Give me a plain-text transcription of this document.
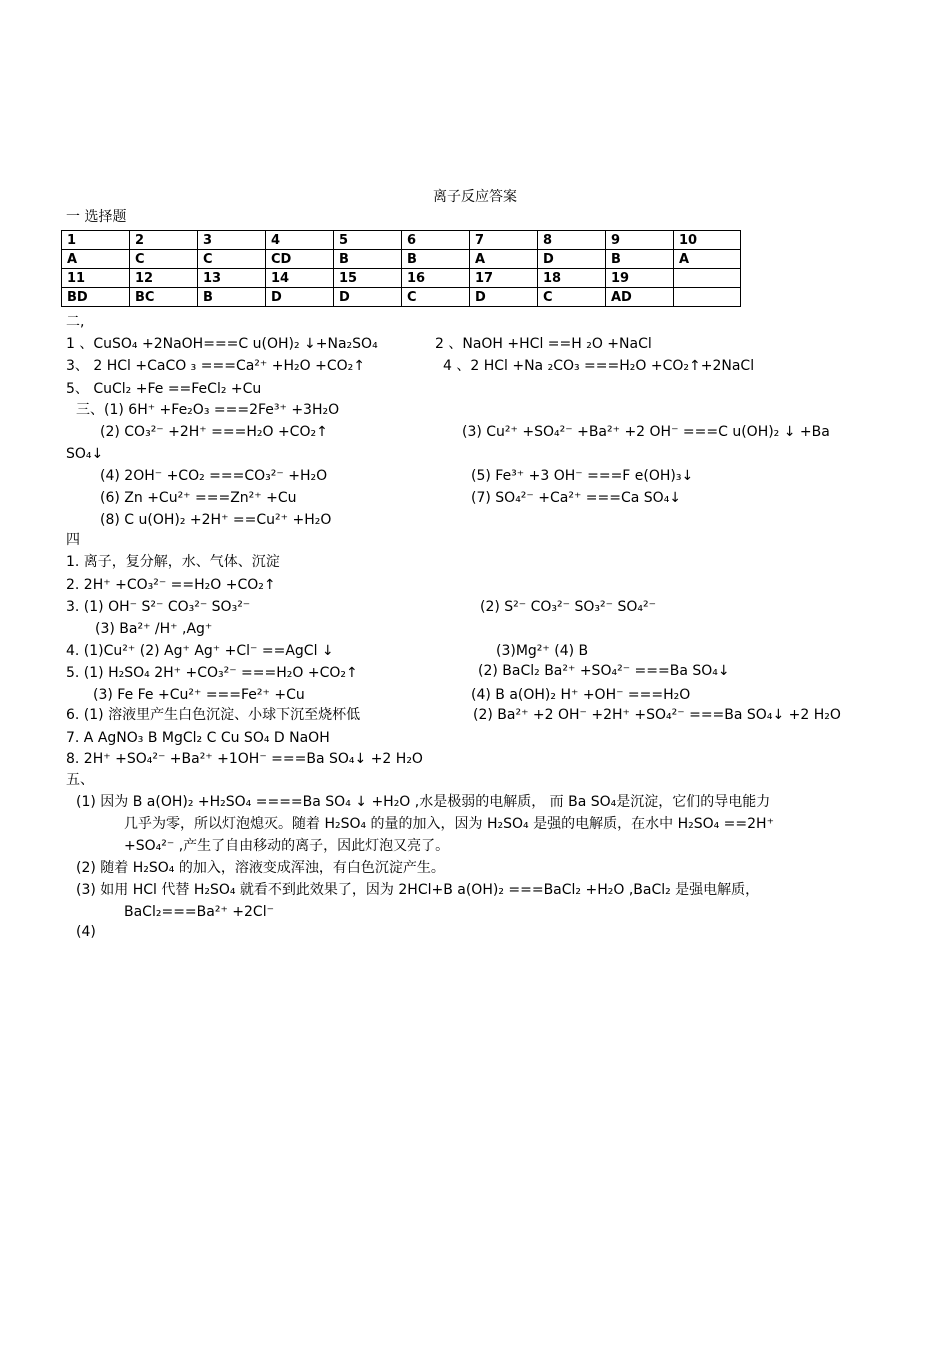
离子反应答案
一 选择题
1	2	3	4	5	6	7	8	9	10
A	C	C	CD	B	B	A	D	B	A
11	12	13	14	15	16	17	18	19	
BD	BC	B	D	D	C	D	C	AD	
二,
1 、CuSO₄ +2NaOH===C u(OH)₂ ↓+Na₂SO₄	2 、NaOH +HCl ==H ₂O +NaCl
3、 2 HCl +CaCO ₃ ===Ca²⁺ +H₂O +CO₂↑	4 、2 HCl +Na ₂CO₃ ===H₂O +CO₂↑+2NaCl
5、 CuCl₂ +Fe ==FeCl₂ +Cu
三、(1) 6H⁺ +Fe₂O₃ ===2Fe³⁺ +3H₂O
(2) CO₃²⁻ +2H⁺ ===H₂O +CO₂↑	(3) Cu²⁺ +SO₄²⁻ +Ba²⁺ +2 OH⁻ ===C u(OH)₂ ↓ +Ba
SO₄↓
(4) 2OH⁻ +CO₂ ===CO₃²⁻ +H₂O	(5) Fe³⁺ +3 OH⁻ ===F e(OH)₃↓
(6) Zn +Cu²⁺ ===Zn²⁺ +Cu	(7) SO₄²⁻ +Ca²⁺ ===Ca SO₄↓
(8) C u(OH)₂ +2H⁺ ==Cu²⁺ +H₂O
四
1. 离子，复分解，水、气体、沉淀
2. 2H⁺ +CO₃²⁻ ==H₂O +CO₂↑
3. (1) OH⁻ S²⁻ CO₃²⁻ SO₃²⁻	(2) S²⁻ CO₃²⁻ SO₃²⁻ SO₄²⁻
(3) Ba²⁺ /H⁺ ,Ag⁺
4. (1)Cu²⁺ (2) Ag⁺ Ag⁺ +Cl⁻ ==AgCl ↓	(3)Mg²⁺ (4) B
5. (1) H₂SO₄ 2H⁺ +CO₃²⁻ ===H₂O +CO₂↑	(2) BaCl₂ Ba²⁺ +SO₄²⁻ ===Ba SO₄↓
(3) Fe Fe +Cu²⁺ ===Fe²⁺ +Cu	(4) B a(OH)₂ H⁺ +OH⁻ ===H₂O
6. (1) 溶液里产生白色沉淀、小球下沉至烧杯低	(2) Ba²⁺ +2 OH⁻ +2H⁺ +SO₄²⁻ ===Ba SO₄↓ +2 H₂O
7. A AgNO₃ B MgCl₂ C Cu SO₄ D NaOH
8. 2H⁺ +SO₄²⁻ +Ba²⁺ +1OH⁻ ===Ba SO₄↓ +2 H₂O
五、
(1) 因为 B a(OH)₂ +H₂SO₄ ====Ba SO₄ ↓ +H₂O ,水是极弱的电解质， 而 Ba SO₄是沉淀，它们的导电能力
几乎为零，所以灯泡熄灭。随着 H₂SO₄ 的量的加入，因为 H₂SO₄ 是强的电解质，在水中 H₂SO₄ ==2H⁺
+SO₄²⁻ ,产生了自由移动的离子，因此灯泡又亮了。
(2) 随着 H₂SO₄ 的加入，溶液变成浑浊，有白色沉淀产生。
(3) 如用 HCl 代替 H₂SO₄ 就看不到此效果了，因为 2HCl+B a(OH)₂ ===BaCl₂ +H₂O ,BaCl₂ 是强电解质，
BaCl₂===Ba²⁺ +2Cl⁻
(4)
